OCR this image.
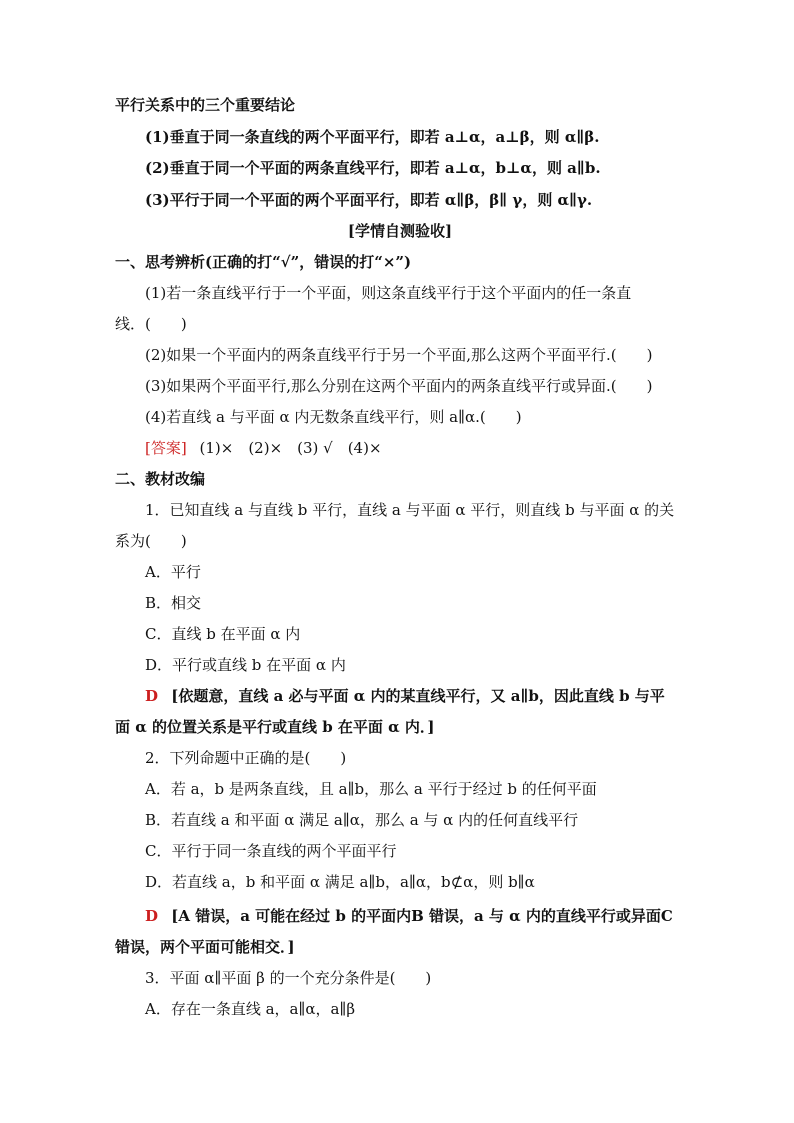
平行关系中的三个重要结论
(1)垂直于同一条直线的两个平面平行，即若 a⊥α，a⊥β，则 α∥β.
(2)垂直于同一个平面的两条直线平行，即若 a⊥α，b⊥α，则 a∥b.
(3)平行于同一个平面的两个平面平行，即若 α∥β，β∥ γ，则 α∥γ.
[学情自测验收]
一、思考辨析(正确的打“√”，错误的打“×”)
(1)若一条直线平行于一个平面，则这条直线平行于这个平面内的任一条直
线．(　　)
(2)如果一个平面内的两条直线平行于另一个平面,那么这两个平面平行.(　　)
(3)如果两个平面平行,那么分别在这两个平面内的两条直线平行或异面.(　　)
(4)若直线 a 与平面 α 内无数条直线平行，则 a∥α.(　　)
[答案] (1)×　(2)×　(3) √　(4)×
二、教材改编
1．已知直线 a 与直线 b 平行，直线 a 与平面 α 平行，则直线 b 与平面 α 的关
系为(　　)
A．平行
B．相交
C．直线 b 在平面 α 内
D．平行或直线 b 在平面 α 内
D [依题意，直线 a 必与平面 α 内的某直线平行，又 a∥b，因此直线 b 与平
面 α 的位置关系是平行或直线 b 在平面 α 内．]
2．下列命题中正确的是(　　)
A．若 a，b 是两条直线，且 a∥b，那么 a 平行于经过 b 的任何平面
B．若直线 a 和平面 α 满足 a∥α，那么 a 与 α 内的任何直线平行
C．平行于同一条直线的两个平面平行
D．若直线 a，b 和平面 α 满足 a∥b，a∥α，b⊄α，则 b∥α
D [A 错误，a 可能在经过 b 的平面内B 错误，a 与 α 内的直线平行或异面C
错误，两个平面可能相交．]
3．平面 α∥平面 β 的一个充分条件是(　　)
A．存在一条直线 a，a∥α，a∥β
